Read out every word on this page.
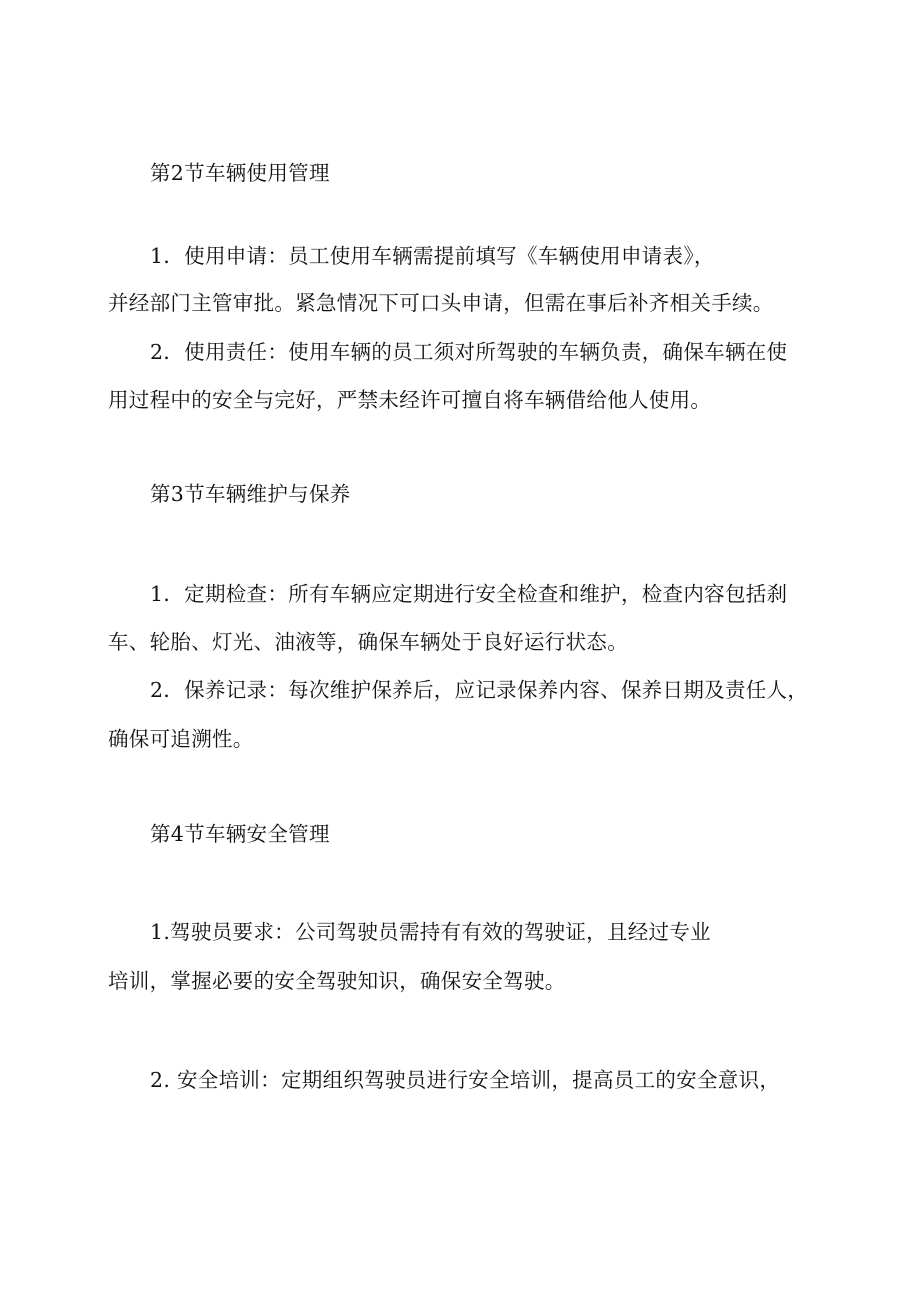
第2节车辆使用管理
1．使用申请：员工使用车辆需提前填写《车辆使用申请表》，
并经部门主管审批。紧急情况下可口头申请，但需在事后补齐相关手续。
2．使用责任：使用车辆的员工须对所驾驶的车辆负责，确保车辆在使
用过程中的安全与完好，严禁未经许可擅自将车辆借给他人使用。
第3节车辆维护与保养
1．定期检查：所有车辆应定期进行安全检查和维护，检查内容包括刹
车、轮胎、灯光、油液等，确保车辆处于良好运行状态。
2．保养记录：每次维护保养后，应记录保养内容、保养日期及责任人，
确保可追溯性。
第4节车辆安全管理
1.驾驶员要求：公司驾驶员需持有有效的驾驶证，且经过专业
培训，掌握必要的安全驾驶知识，确保安全驾驶。
2. 安全培训：定期组织驾驶员进行安全培训，提高员工的安全意识，
